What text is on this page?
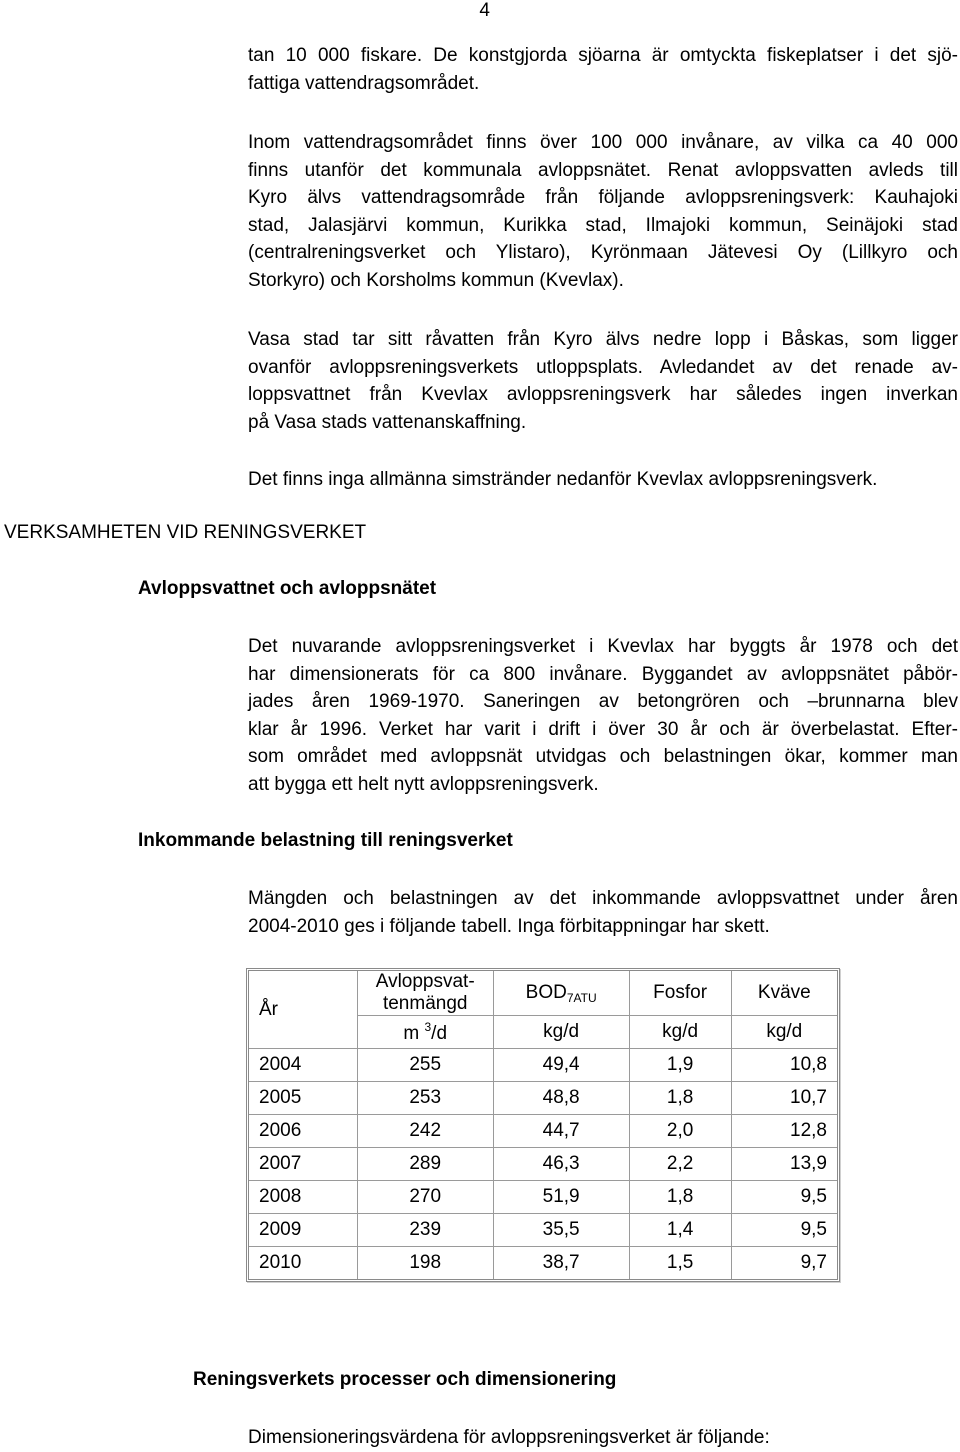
4
tan 10 000 fiskare. De konstgjorda sjöarna är omtyckta fiskeplatser i det sjö-
fattiga vattendragsområdet.
Inom vattendragsområdet finns över 100 000 invånare, av vilka ca 40 000
finns utanför det kommunala avloppsnätet. Renat avloppsvatten avleds till
Kyro älvs vattendragsområde från följande avloppsreningsverk: Kauhajoki
stad, Jalasjärvi kommun, Kurikka stad, Ilmajoki kommun, Seinäjoki stad
(centralreningsverket och Ylistaro), Kyrönmaan Jätevesi Oy (Lillkyro och
Storkyro) och Korsholms kommun (Kvevlax).
Vasa stad tar sitt råvatten från Kyro älvs nedre lopp i Båskas, som ligger
ovanför avloppsreningsverkets utloppsplats. Avledandet av det renade av-
loppsvattnet från Kvevlax avloppsreningsverk har således ingen inverkan
på Vasa stads vattenanskaffning.
Det finns inga allmänna simstränder nedanför Kvevlax avloppsreningsverk.
VERKSAMHETEN VID RENINGSVERKET
Avloppsvattnet och avloppsnätet
Det nuvarande avloppsreningsverket i Kvevlax har byggts år 1978 och det
har dimensionerats för ca 800 invånare. Byggandet av avloppsnätet påbör-
jades åren 1969-1970. Saneringen av betongrören och –brunnarna blev
klar år 1996. Verket har varit i drift i över 30 år och är överbelastat. Efter-
som området med avloppsnät utvidgas och belastningen ökar, kommer man
att bygga ett helt nytt avloppsreningsverk.
Inkommande belastning till reningsverket
Mängden och belastningen av det inkommande avloppsvattnet under åren
2004-2010 ges i följande tabell. Inga förbitappningar har skett.
År	Avloppsvat-
tenmängd	$BOD_{7ATU}$	Fosfor	Kväve
	m $^3$/d	kg/d	kg/d	kg/d
2004	255	49,4	1,9	10,8
2005	253	48,8	1,8	10,7
2006	242	44,7	2,0	12,8
2007	289	46,3	2,2	13,9
2008	270	51,9	1,8	9,5
2009	239	35,5	1,4	9,5
2010	198	38,7	1,5	9,7
Reningsverkets processer och dimensionering
Dimensioneringsvärdena för avloppsreningsverket är följande:
